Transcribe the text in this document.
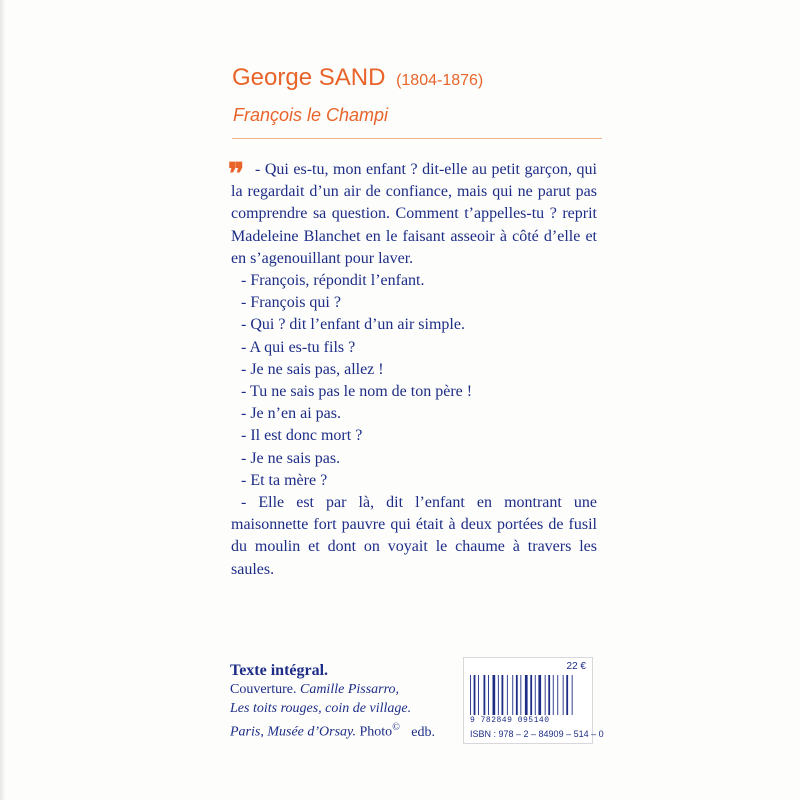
George SAND (1804-1876)
François le Champi
❜❜ - Qui es-tu, mon enfant ? dit-elle au petit garçon, qui la regardait d’un air de confiance, mais qui ne parut pas comprendre sa question. Comment t’appelles-tu ? reprit Madeleine Blanchet en le faisant asseoir à côté d’elle et en s’agenouillant pour laver.

- François, répondit l’enfant.

- François qui ?

- Qui ? dit l’enfant d’un air simple.

- A qui es-tu fils ?

- Je ne sais pas, allez !

- Tu ne sais pas le nom de ton père !

- Je n’en ai pas.

- Il est donc mort ?

- Je ne sais pas.

- Et ta mère ?

- Elle est par là, dit l’enfant en montrant une maisonnette fort pauvre qui était à deux portées de fusil du moulin et dont on voyait le chaume à travers les saules.

Texte intégral.
Couverture. Camille Pissarro,
Les toits rouges, coin de village.
Paris, Musée d’Orsay. Photo© edb.
22 €
9 782849 095140
ISBN : 978 – 2 – 84909 – 514 – 0
